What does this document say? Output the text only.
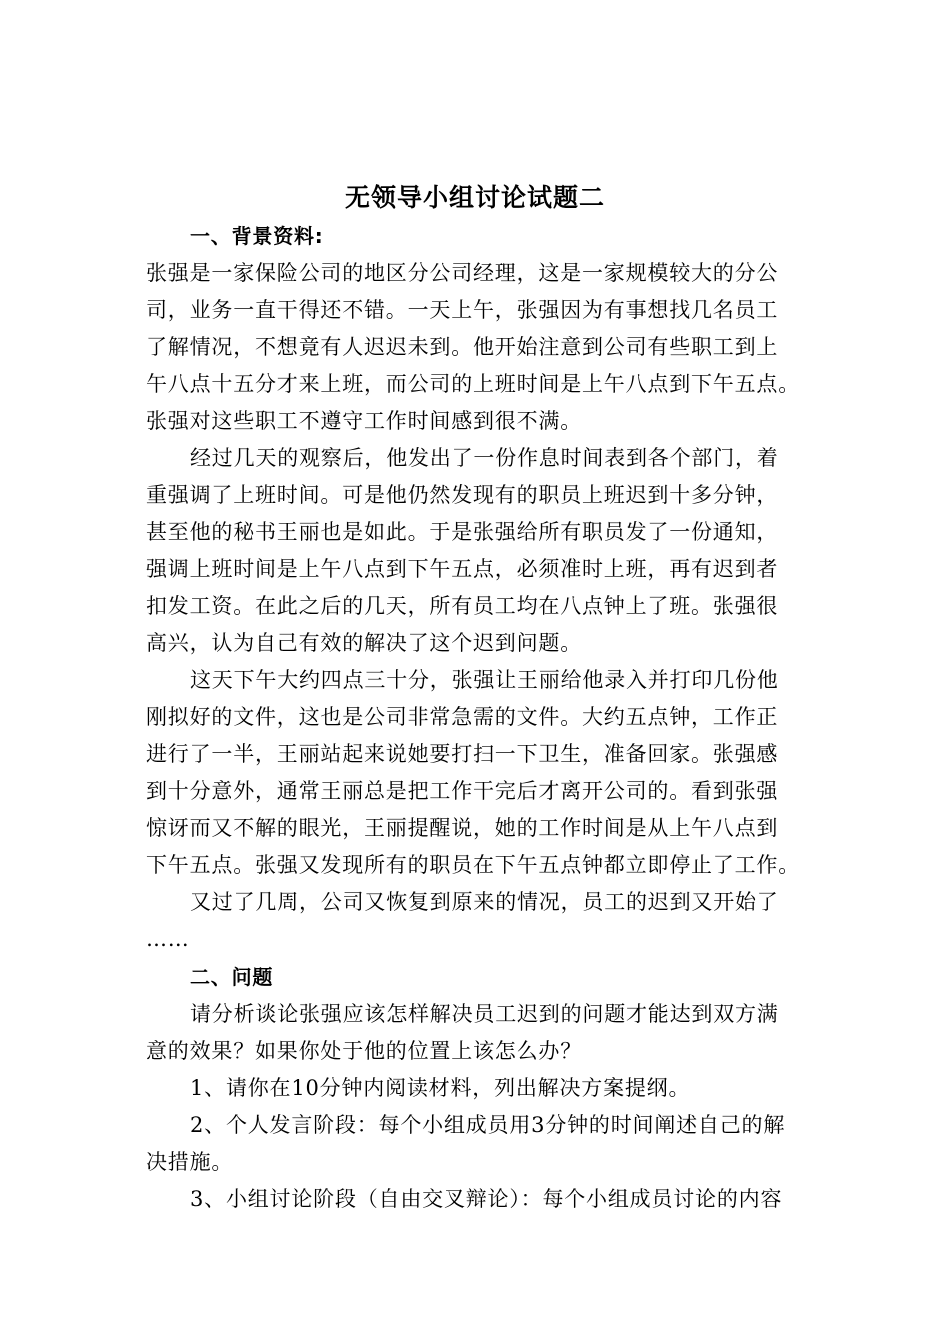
无领导小组讨论试题二
一、背景资料:
张强是一家保险公司的地区分公司经理，这是一家规模较大的分公
司，业务一直干得还不错。一天上午，张强因为有事想找几名员工
了解情况，不想竟有人迟迟未到。他开始注意到公司有些职工到上
午八点十五分才来上班，而公司的上班时间是上午八点到下午五点。
张强对这些职工不遵守工作时间感到很不满。
经过几天的观察后，他发出了一份作息时间表到各个部门，着
重强调了上班时间。可是他仍然发现有的职员上班迟到十多分钟，
甚至他的秘书王丽也是如此。于是张强给所有职员发了一份通知，
强调上班时间是上午八点到下午五点，必须准时上班，再有迟到者
扣发工资。在此之后的几天，所有员工均在八点钟上了班。张强很
高兴，认为自己有效的解决了这个迟到问题。
这天下午大约四点三十分，张强让王丽给他录入并打印几份他
刚拟好的文件，这也是公司非常急需的文件。大约五点钟，工作正
进行了一半，王丽站起来说她要打扫一下卫生，准备回家。张强感
到十分意外，通常王丽总是把工作干完后才离开公司的。看到张强
惊讶而又不解的眼光，王丽提醒说，她的工作时间是从上午八点到
下午五点。张强又发现所有的职员在下午五点钟都立即停止了工作。
又过了几周，公司又恢复到原来的情况，员工的迟到又开始了
……
二、问题
请分析谈论张强应该怎样解决员工迟到的问题才能达到双方满
意的效果？如果你处于他的位置上该怎么办？
1、请你在10分钟内阅读材料，列出解决方案提纲。
2、个人发言阶段：每个小组成员用3分钟的时间阐述自己的解
决措施。
3、小组讨论阶段（自由交叉辩论）：每个小组成员讨论的内容
